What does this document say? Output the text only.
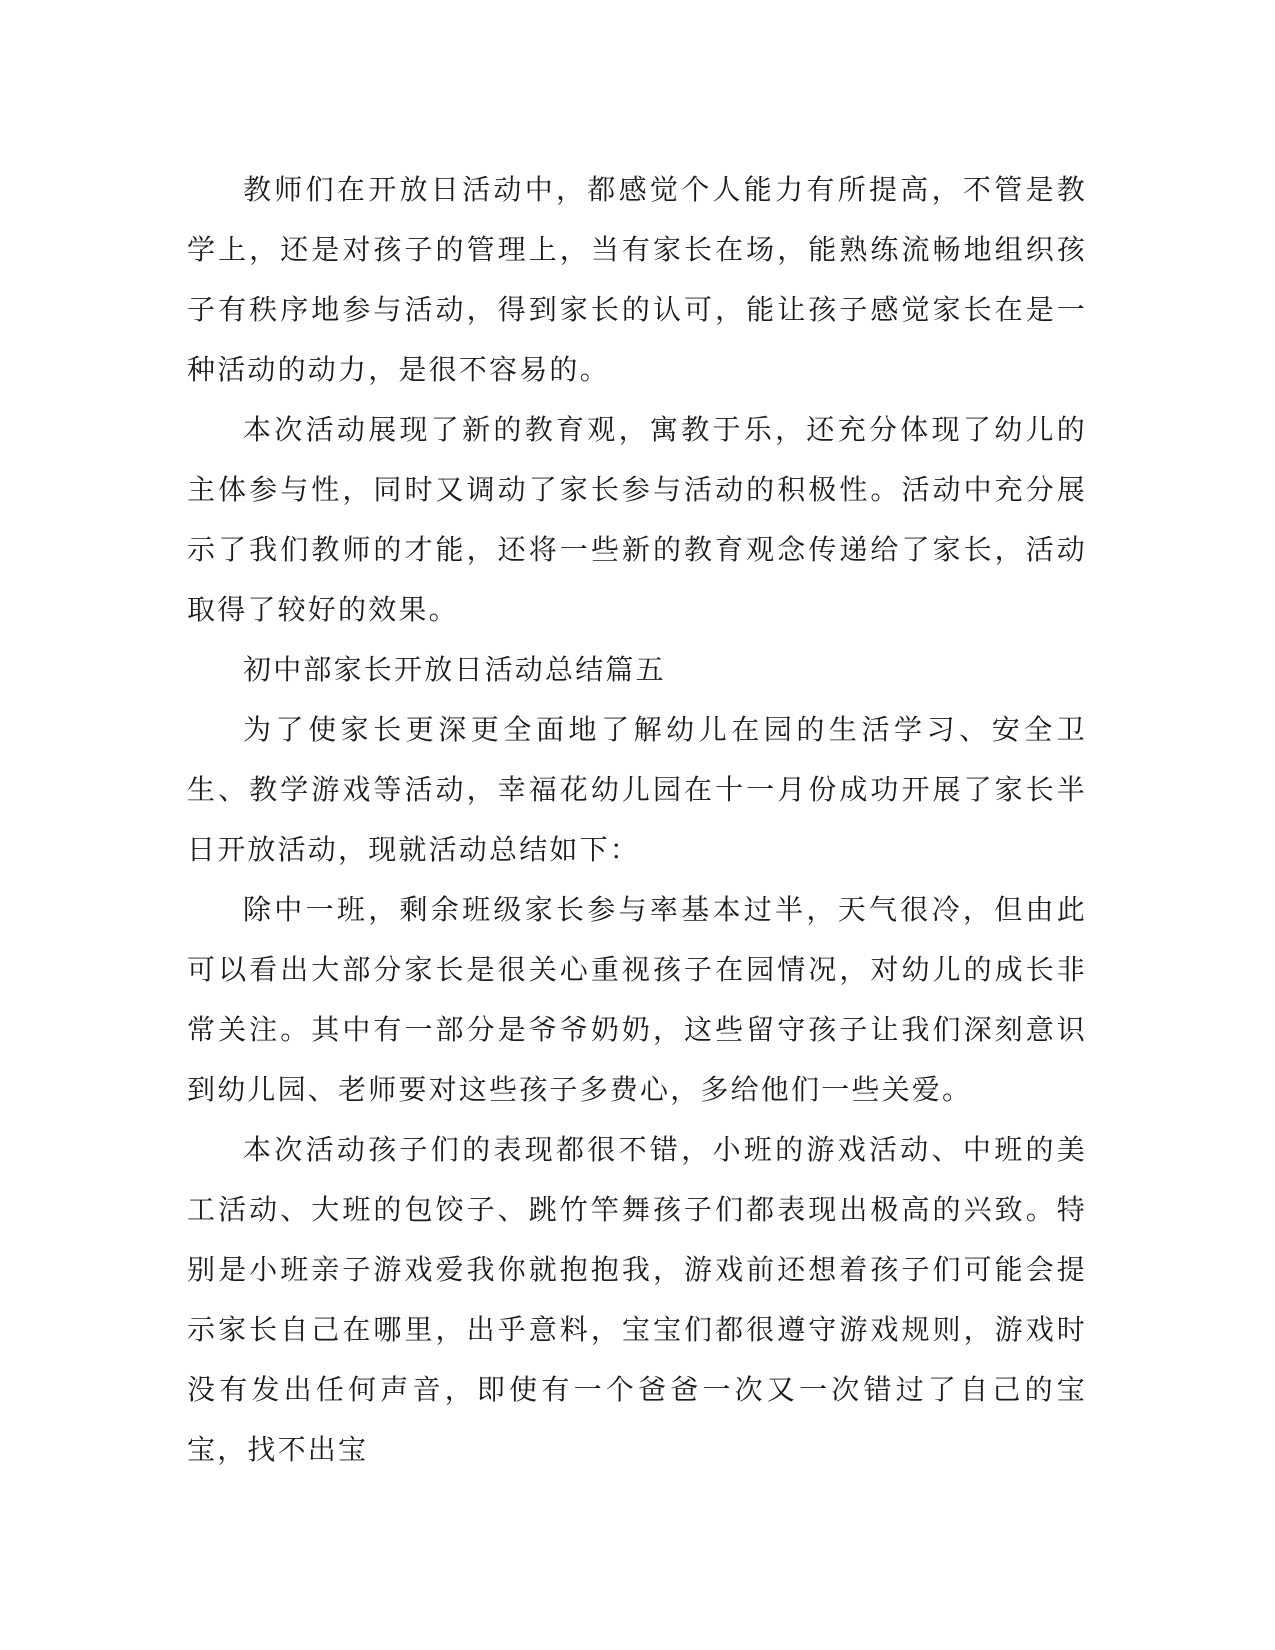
教师们在开放日活动中，都感觉个人能力有所提高，不管是教学上，还是对孩子的管理上，当有家长在场，能熟练流畅地组织孩子有秩序地参与活动，得到家长的认可，能让孩子感觉家长在是一种活动的动力，是很不容易的。

本次活动展现了新的教育观，寓教于乐，还充分体现了幼儿的主体参与性，同时又调动了家长参与活动的积极性。活动中充分展示了我们教师的才能，还将一些新的教育观念传递给了家长，活动取得了较好的效果。

初中部家长开放日活动总结篇五

为了使家长更深更全面地了解幼儿在园的生活学习、安全卫生、教学游戏等活动，幸福花幼儿园在十一月份成功开展了家长半日开放活动，现就活动总结如下：

除中一班，剩余班级家长参与率基本过半，天气很冷，但由此可以看出大部分家长是很关心重视孩子在园情况，对幼儿的成长非常关注。其中有一部分是爷爷奶奶，这些留守孩子让我们深刻意识到幼儿园、老师要对这些孩子多费心，多给他们一些关爱。

本次活动孩子们的表现都很不错，小班的游戏活动、中班的美工活动、大班的包饺子、跳竹竿舞孩子们都表现出极高的兴致。特别是小班亲子游戏爱我你就抱抱我，游戏前还想着孩子们可能会提示家长自己在哪里，出乎意料，宝宝们都很遵守游戏规则，游戏时没有发出任何声音，即使有一个爸爸一次又一次错过了自己的宝宝，找不出宝
